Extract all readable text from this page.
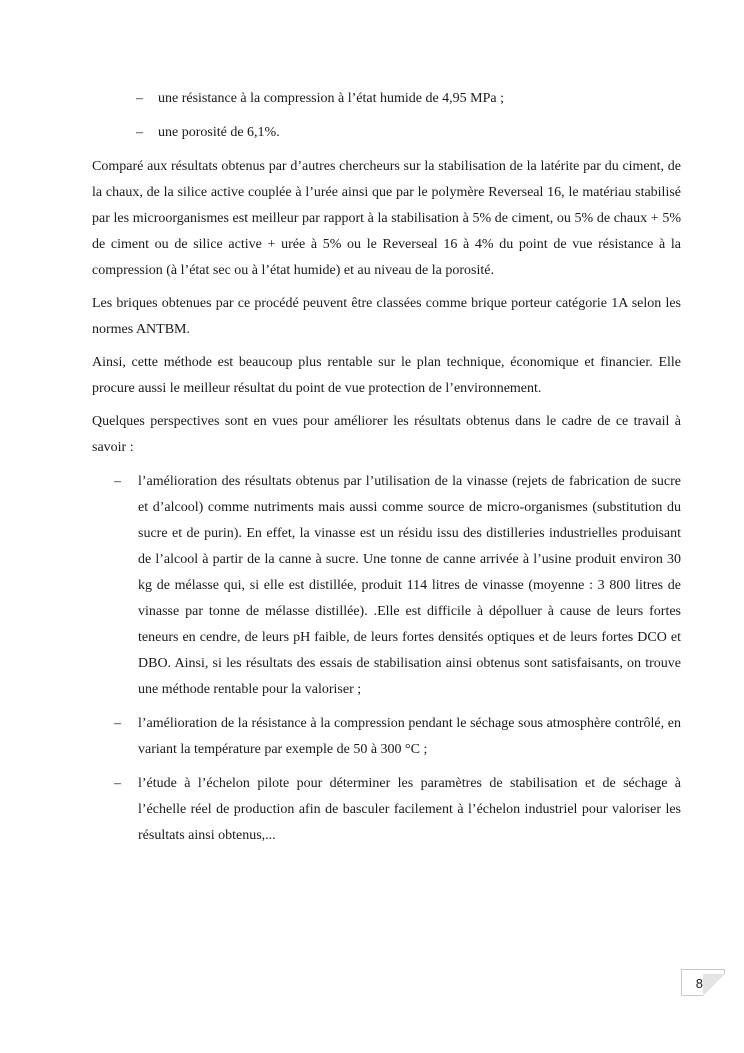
– une résistance à la compression à l’état humide de 4,95 MPa ;
– une porosité de 6,1%.

Comparé aux résultats obtenus par d’autres chercheurs sur la stabilisation de la latérite par du ciment, de la chaux, de la silice active couplée à l’urée ainsi que par le polymère Reverseal 16, le matériau stabilisé par les microorganismes est meilleur par rapport à la stabilisation à 5% de ciment, ou 5% de chaux + 5% de ciment ou de silice active + urée à 5% ou le Reverseal 16 à 4% du point de vue résistance à la compression (à l’état sec ou à l’état humide) et au niveau de la porosité.

Les briques obtenues par ce procédé peuvent être classées comme brique porteur catégorie 1A selon les normes ANTBM.

Ainsi, cette méthode est beaucoup plus rentable sur le plan technique, économique et financier. Elle procure aussi le meilleur résultat du point de vue protection de l’environnement.

Quelques perspectives sont en vues pour améliorer les résultats obtenus dans le cadre de ce travail à savoir :

– l’amélioration des résultats obtenus par l’utilisation de la vinasse (rejets de fabrication de sucre et d’alcool) comme nutriments mais aussi comme source de micro-organismes (substitution du sucre et de purin). En effet, la vinasse est un résidu issu des distilleries industrielles produisant de l’alcool à partir de la canne à sucre. Une tonne de canne arrivée à l’usine produit environ 30 kg de mélasse qui, si elle est distillée, produit 114 litres de vinasse (moyenne : 3 800 litres de vinasse par tonne de mélasse distillée). .Elle est difficile à dépolluer à cause de leurs fortes teneurs en cendre, de leurs pH faible, de leurs fortes densités optiques et de leurs fortes DCO et DBO. Ainsi, si les résultats des essais de stabilisation ainsi obtenus sont satisfaisants, on trouve une méthode rentable pour la valoriser ;
– l’amélioration de la résistance à la compression pendant le séchage sous atmosphère contrôlé, en variant la température par exemple de 50 à 300 °C ;
– l’étude à l’échelon pilote pour déterminer les paramètres de stabilisation et de séchage à l’échelle réel de production afin de basculer facilement à l’échelon industriel pour valoriser les résultats ainsi obtenus,...
86
